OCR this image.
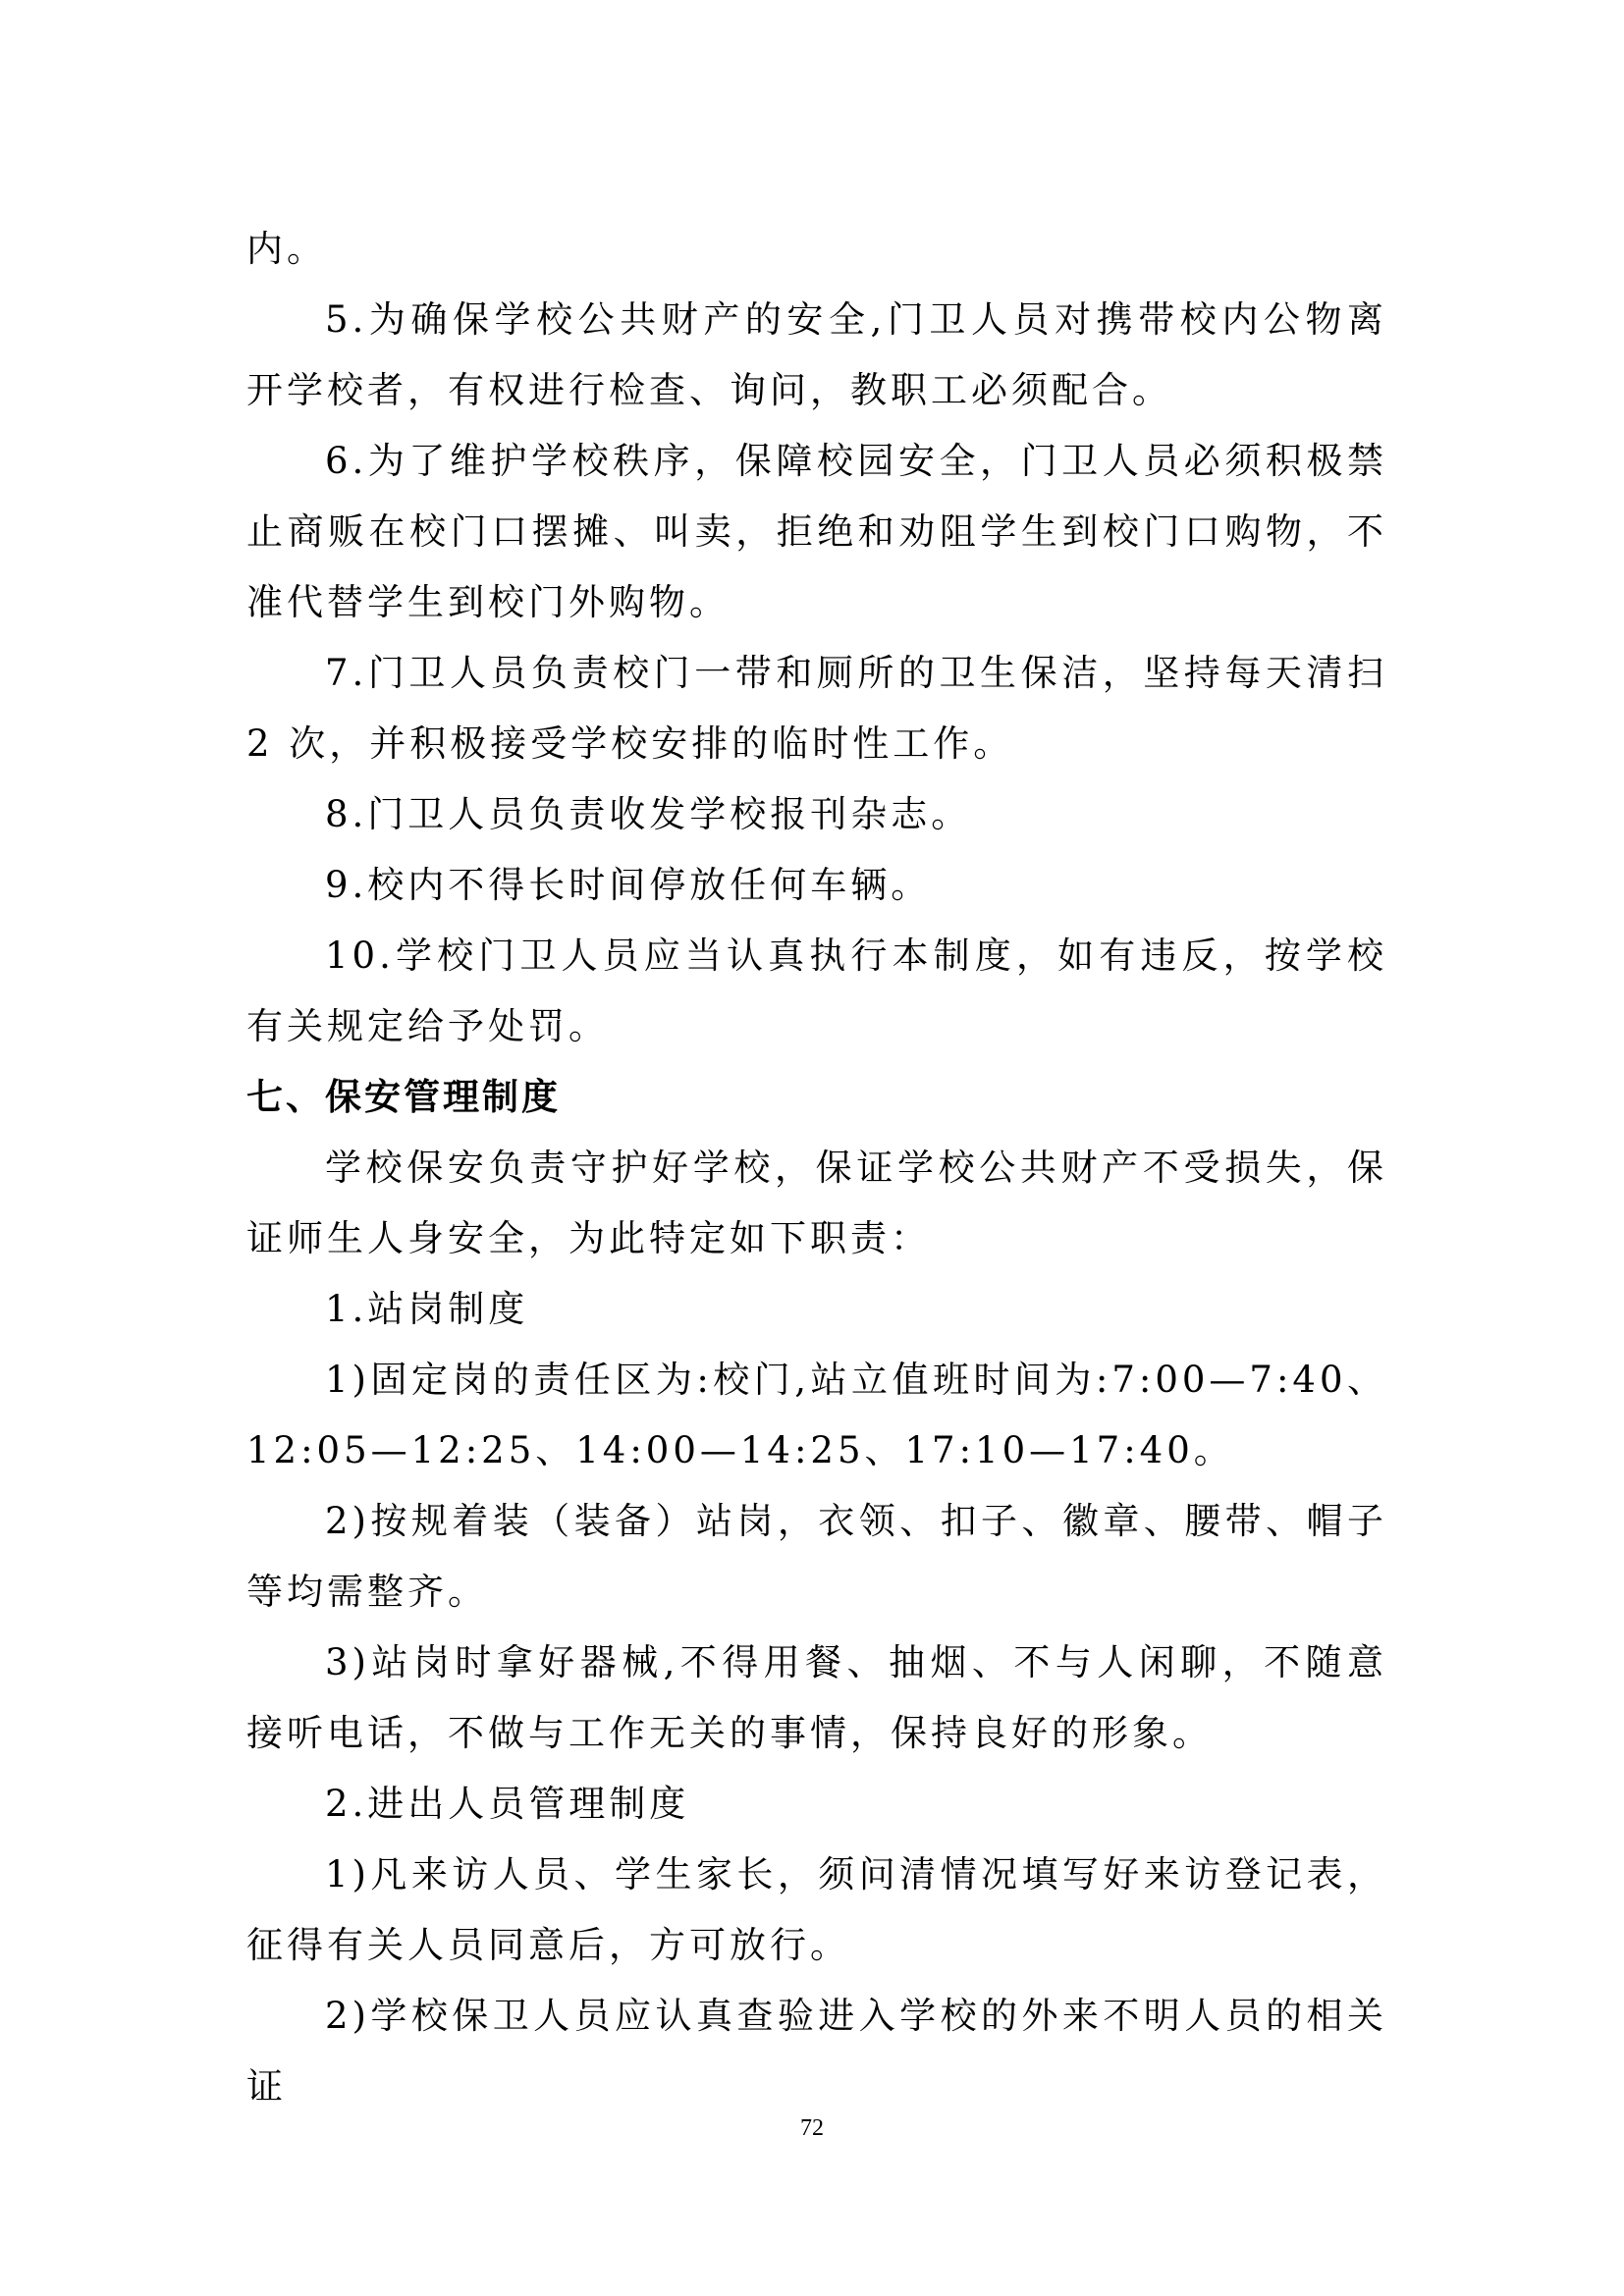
内。

5.为确保学校公共财产的安全,门卫人员对携带校内公物离开学校者，有权进行检查、询问，教职工必须配合。

6.为了维护学校秩序，保障校园安全，门卫人员必须积极禁止商贩在校门口摆摊、叫卖，拒绝和劝阻学生到校门口购物，不准代替学生到校门外购物。

7.门卫人员负责校门一带和厕所的卫生保洁，坚持每天清扫 2 次，并积极接受学校安排的临时性工作。

8.门卫人员负责收发学校报刊杂志。

9.校内不得长时间停放任何车辆。

10.学校门卫人员应当认真执行本制度，如有违反，按学校有关规定给予处罚。

七、保安管理制度

学校保安负责守护好学校，保证学校公共财产不受损失，保证师生人身安全，为此特定如下职责：

1.站岗制度

1)固定岗的责任区为:校门,站立值班时间为:7:00—7:40、12:05—12:25、14:00—14:25、17:10—17:40。

2)按规着装（装备）站岗，衣领、扣子、徽章、腰带、帽子等均需整齐。

3)站岗时拿好器械,不得用餐、抽烟、不与人闲聊，不随意接听电话，不做与工作无关的事情，保持良好的形象。

2.进出人员管理制度

1)凡来访人员、学生家长，须问清情况填写好来访登记表，征得有关人员同意后，方可放行。

2)学校保卫人员应认真查验进入学校的外来不明人员的相关证

72
